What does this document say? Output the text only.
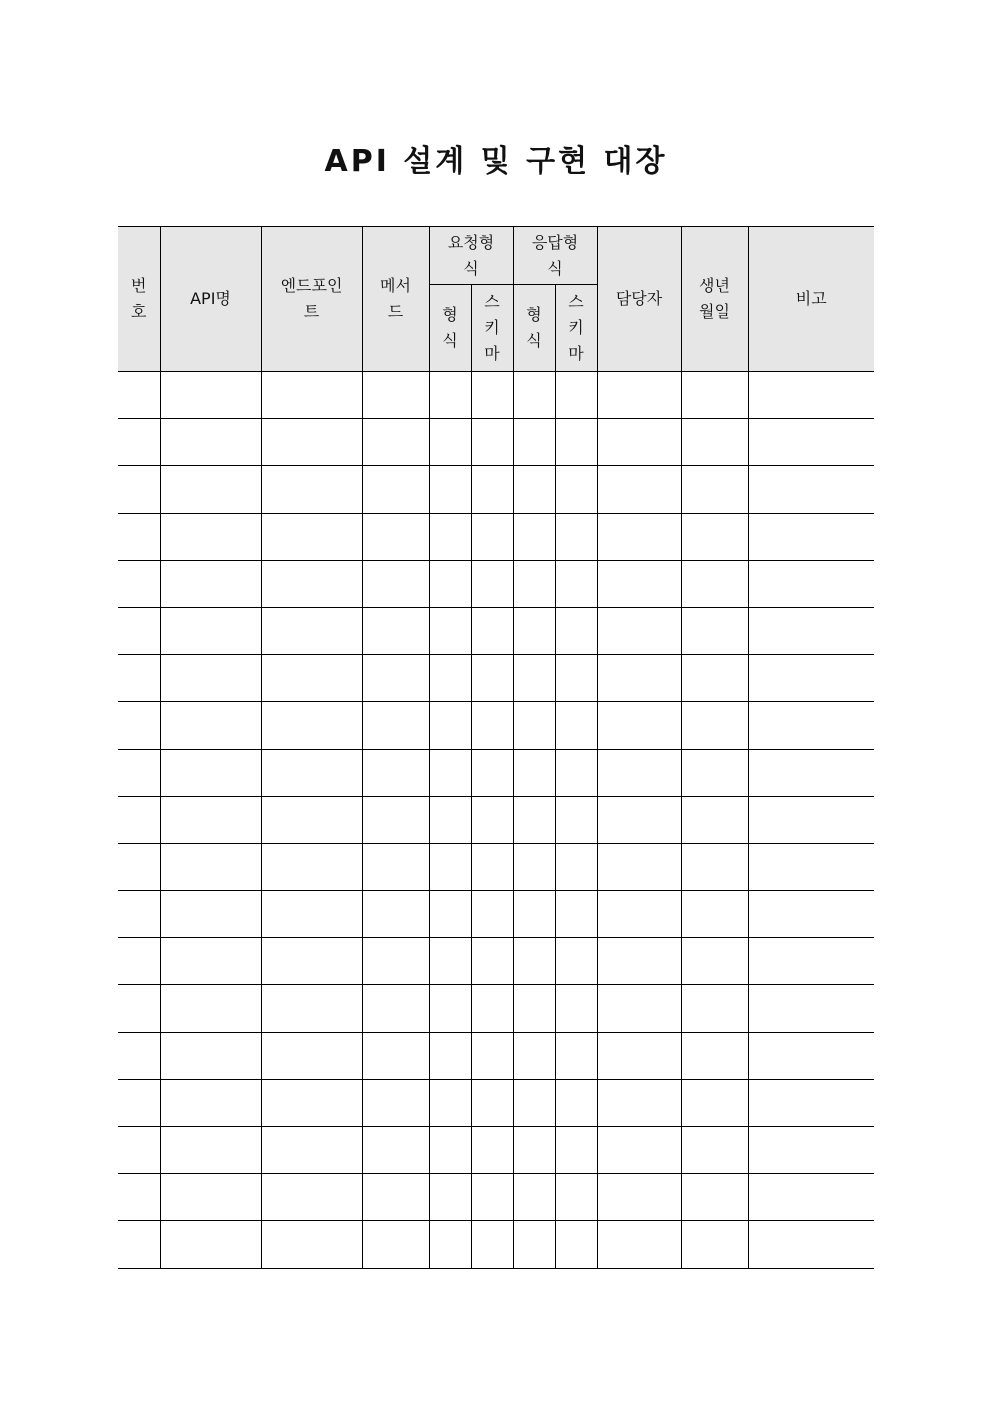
API 설계 및 구현 대장
번호	API명	엔드포인트	메서드	요청형식		응답형식		담당자	생년월일	비고
				형식	스키마	형식	스키마			
